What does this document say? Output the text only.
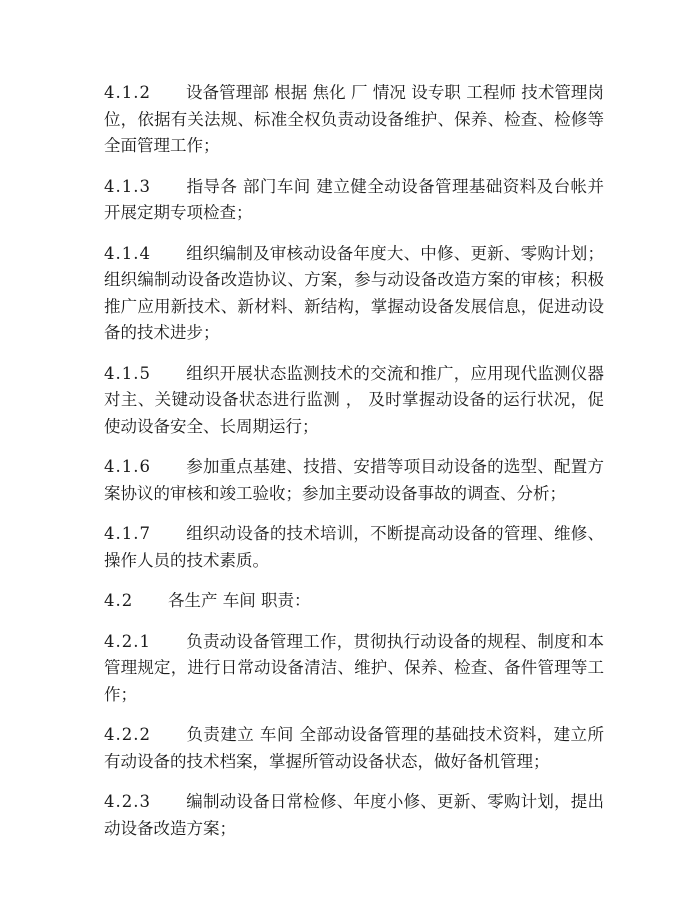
4.1.2 设备管理部 根据 焦化 厂 情况 设专职 工程师 技术管理岗位，依据有关法规、标准全权负责动设备维护、保养、检查、检修等全面管理工作；

4.1.3 指导各 部门车间 建立健全动设备管理基础资料及台帐并开展定期专项检查；

4.1.4 组织编制及审核动设备年度大、中修、更新、零购计划；组织编制动设备改造协议、方案，参与动设备改造方案的审核；积极推广应用新技术、新材料、新结构，掌握动设备发展信息，促进动设备的技术进步；

4.1.5 组织开展状态监测技术的交流和推广，应用现代监测仪器对主、关键动设备状态进行监测 ， 及时掌握动设备的运行状况，促使动设备安全、长周期运行；

4.1.6 参加重点基建、技措、安措等项目动设备的选型、配置方案协议的审核和竣工验收；参加主要动设备事故的调查、分析；

4.1.7 组织动设备的技术培训，不断提高动设备的管理、维修、操作人员的技术素质。

4.2 各生产 车间 职责：

4.2.1 负责动设备管理工作，贯彻执行动设备的规程、制度和本管理规定，进行日常动设备清洁、维护、保养、检查、备件管理等工作；

4.2.2 负责建立 车间 全部动设备管理的基础技术资料，建立所有动设备的技术档案，掌握所管动设备状态，做好备机管理；

4.2.3 编制动设备日常检修、年度小修、更新、零购计划，提出动设备改造方案；
